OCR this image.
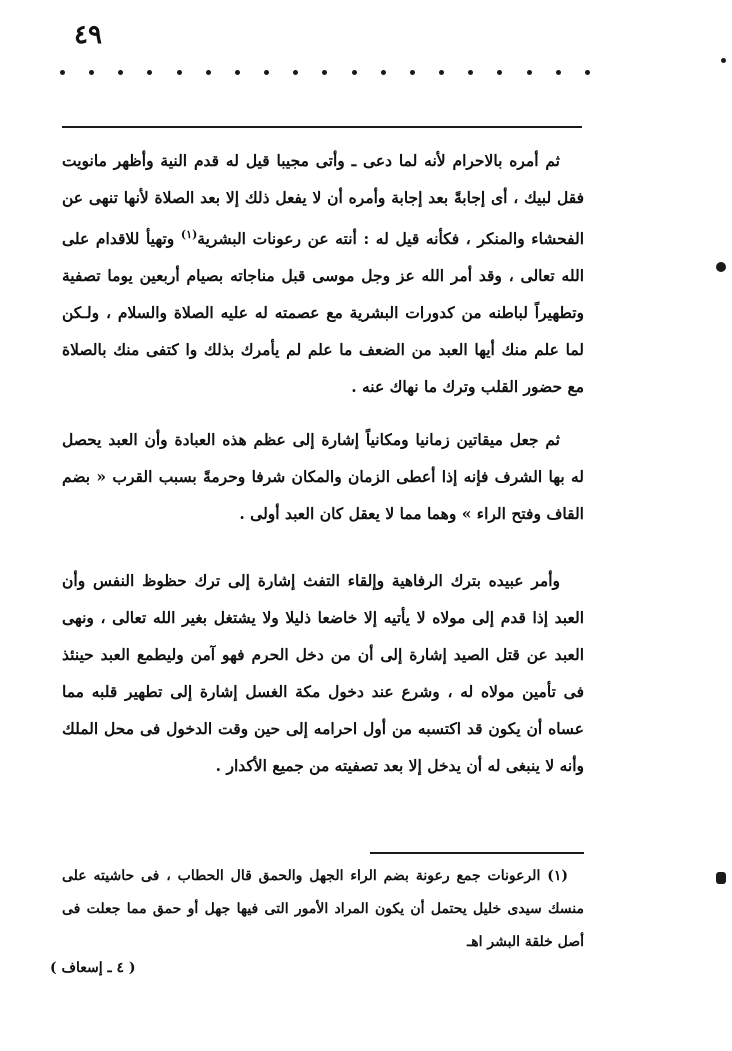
٤٩

ثم أمره بالاحرام لأنه لما دعى ـ وأتى مجيبا قيل له قدم النية وأظهر مانويت فقل لبيك ، أى إجابةً بعد إجابة وأمره أن لا يفعل ذلك إلا بعد الصلاة لأنها تنهى عن الفحشاء والمنكر ، فكأنه قيل له : أنته عن رعونات البشرية$^{(١)}$ وتهيأ للاقدام على الله تعالى ، وقد أمر الله عز وجل موسى قبل مناجاته بصيام أربعين يوما تصفية وتطهيراً لباطنه من كدورات البشرية مع عصمته له عليه الصلاة والسلام ، ولـكن لما علم منك أيها العبد من الضعف ما علم لم يأمرك بذلك وا كتفى منك بالصلاة مع حضور القلب وترك ما نهاك عنه .

ثم جعل ميقاتين زمانيا ومكانياً إشارة إلى عظم هذه العبادة وأن العبد يحصل له بها الشرف فإنه إذا أعطى الزمان والمكان شرفا وحرمةً بسبب القرب « بضم القاف وفتح الراء » وهما مما لا يعقل كان العبد أولى .

وأمر عبيده بترك الرفاهية وإلقاء التفث إشارة إلى ترك حظوظ النفس وأن العبد إذا قدم إلى مولاه لا يأتيه إلا خاضعا ذليلا ولا يشتغل بغير الله تعالى ، ونهى العبد عن قتل الصيد إشارة إلى أن من دخل الحرم فهو آمن وليطمع العبد حينئذ فى تأمين مولاه له ، وشرع عند دخول مكة الغسل إشارة إلى تطهير قلبه مما عساه أن يكون قد اكتسبه من أول احرامه إلى حين وقت الدخول فى محل الملك وأنه لا ينبغى له أن يدخل إلا بعد تصفيته من جميع الأكدار .

(١) الرعونات جمع رعونة بضم الراء الجهل والحمق قال الحطاب ، فى حاشيته على منسك سيدى خليل يحتمل أن يكون المراد الأمور التى فيها جهل أو حمق مما جعلت فى أصل خلقة البشر اهـ

( ٤ ـ إسعاف )
